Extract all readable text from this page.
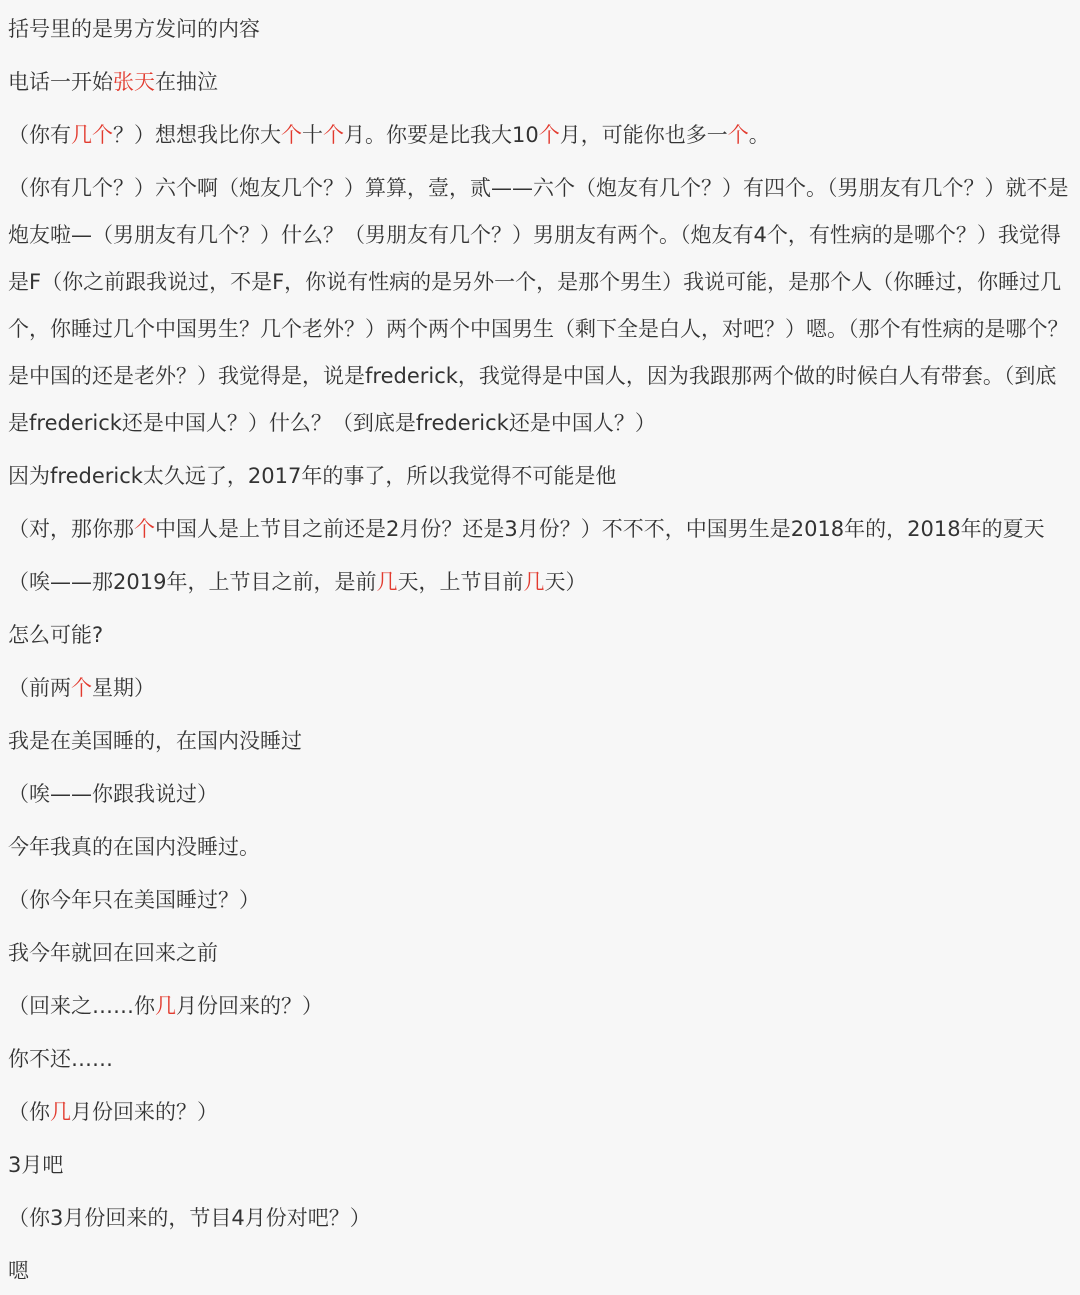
括号里的是男方发问的内容

电话一开始张天在抽泣

（你有几个？）想想我比你大个十个月。你要是比我大10个月，可能你也多一个。

（你有几个？）六个啊（炮友几个？）算算，壹，贰——六个（炮友有几个？）有四个。（男朋友有几个？）就不是炮友啦—（男朋友有几个？）什么？（男朋友有几个？）男朋友有两个。（炮友有4个，有性病的是哪个？）我觉得是F（你之前跟我说过，不是F，你说有性病的是另外一个，是那个男生）我说可能，是那个人（你睡过，你睡过几个，你睡过几个中国男生？几个老外？）两个两个中国男生（剩下全是白人，对吧？）嗯。（那个有性病的是哪个？是中国的还是老外？）我觉得是，说是frederick，我觉得是中国人，因为我跟那两个做的时候白人有带套。（到底是frederick还是中国人？）什么？（到底是frederick还是中国人？）

因为frederick太久远了，2017年的事了，所以我觉得不可能是他

（对，那你那个中国人是上节目之前还是2月份？还是3月份？）不不不，中国男生是2018年的，2018年的夏天

（唉——那2019年，上节目之前，是前几天，上节目前几天）

怎么可能?

（前两个星期）

我是在美国睡的，在国内没睡过

（唉——你跟我说过）

今年我真的在国内没睡过。

（你今年只在美国睡过？）

我今年就回在回来之前

（回来之……你几月份回来的？）

你不还……

（你几月份回来的？）

3月吧

（你3月份回来的，节目4月份对吧？）

嗯
